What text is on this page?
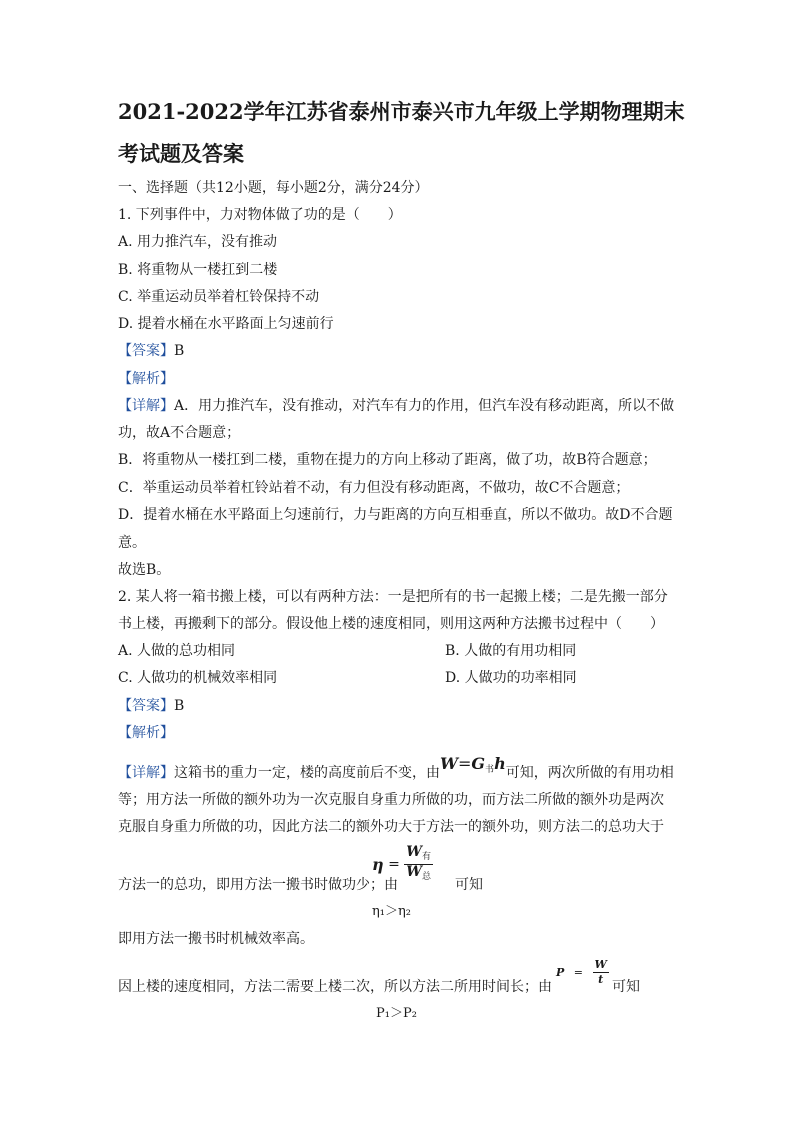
2021-2022学年江苏省泰州市泰兴市九年级上学期物理期末
考试题及答案
一、选择题（共12小题，每小题2分，满分24分）
1. 下列事件中，力对物体做了功的是（　　）
A. 用力推汽车，没有推动
B. 将重物从一楼扛到二楼
C. 举重运动员举着杠铃保持不动
D. 提着水桶在水平路面上匀速前行
【答案】B
【解析】
【详解】A．用力推汽车，没有推动，对汽车有力的作用，但汽车没有移动距离，所以不做
功，故A不合题意；
B．将重物从一楼扛到二楼，重物在提力的方向上移动了距离，做了功，故B符合题意；
C．举重运动员举着杠铃站着不动，有力但没有移动距离，不做功，故C不合题意；
D．提着水桶在水平路面上匀速前行，力与距离的方向互相垂直，所以不做功。故D不合题
意。
故选B。
2. 某人将一箱书搬上楼，可以有两种方法：一是把所有的书一起搬上楼；二是先搬一部分
书上楼，再搬剩下的部分。假设他上楼的速度相同，则用这两种方法搬书过程中（　　）
A. 人做的总功相同	B. 人做的有用功相同
C. 人做功的机械效率相同	D. 人做功的功率相同
【答案】B
【解析】
【详解】这箱书的重力一定，楼的高度前后不变，由$W=G_书h$可知，两次所做的有用功相
等；用方法一所做的额外功为一次克服自身重力所做的功，而方法二所做的额外功是两次
克服自身重力所做的功，因此方法二的额外功大于方法一的额外功，则方法二的总功大于
$\eta = \frac{W_有}{W_总}$
方法一的总功，即用方法一搬书时做功少；由	可知
η₁＞η₂
即用方法一搬书时机械效率高。
$P = \frac{W}{t}$
因上楼的速度相同，方法二需要上楼二次，所以方法二所用时间长；由	可知
P₁＞P₂
